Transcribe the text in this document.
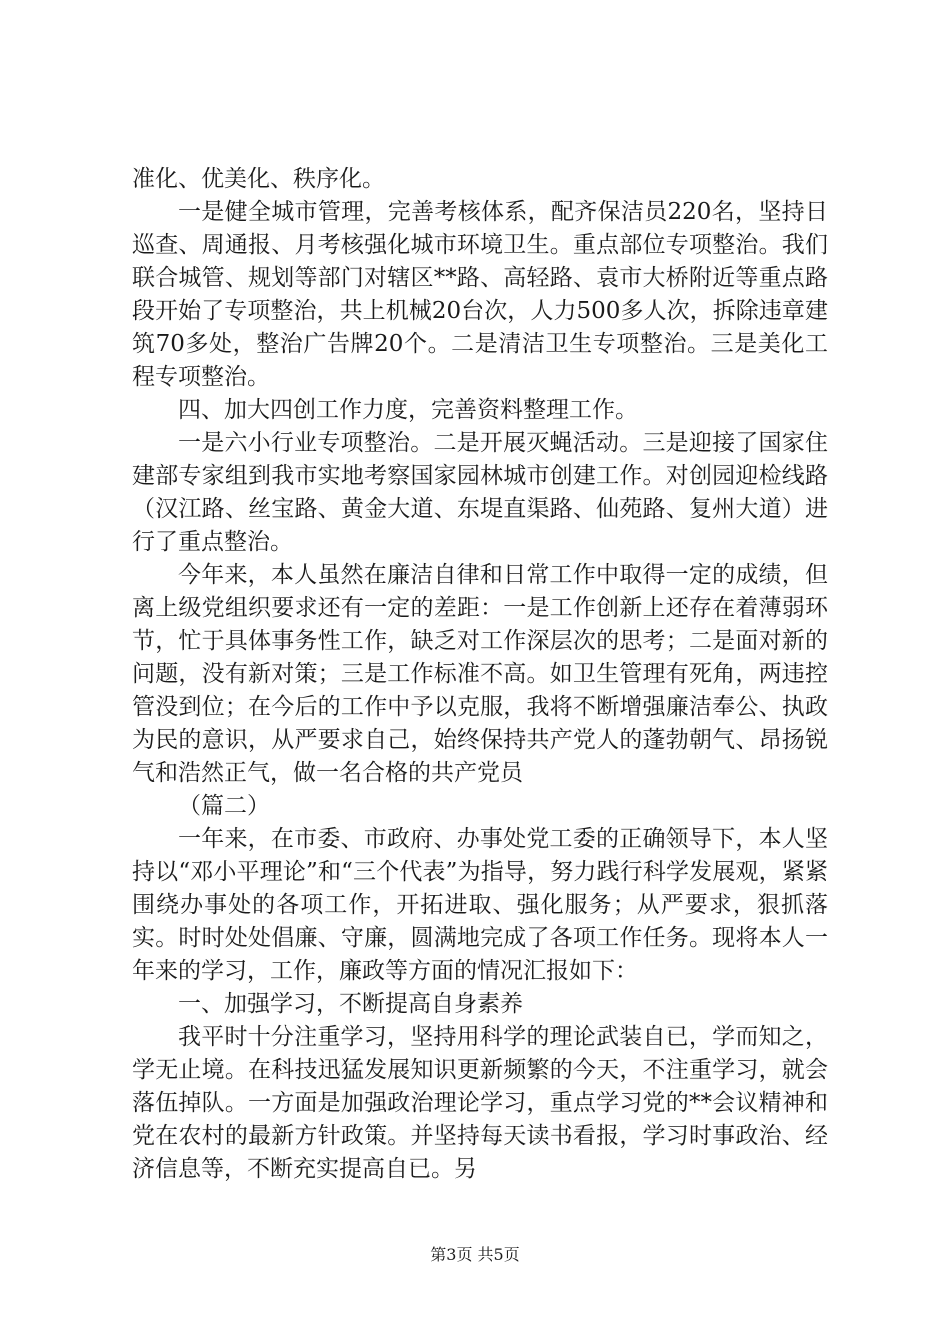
准化、优美化、秩序化。

一是健全城市管理，完善考核体系，配齐保洁员220名，坚持日巡查、周通报、月考核强化城市环境卫生。重点部位专项整治。我们联合城管、规划等部门对辖区**路、高轻路、袁市大桥附近等重点路段开始了专项整治，共上机械20台次，人力500多人次，拆除违章建筑70多处，整治广告牌20个。二是清洁卫生专项整治。三是美化工程专项整治。

四、加大四创工作力度，完善资料整理工作。

一是六小行业专项整治。二是开展灭蝇活动。三是迎接了国家住建部专家组到我市实地考察国家园林城市创建工作。对创园迎检线路（汉江路、丝宝路、黄金大道、东堤直渠路、仙苑路、复州大道）进行了重点整治。

今年来，本人虽然在廉洁自律和日常工作中取得一定的成绩，但离上级党组织要求还有一定的差距：一是工作创新上还存在着薄弱环节，忙于具体事务性工作，缺乏对工作深层次的思考；二是面对新的问题，没有新对策；三是工作标准不高。如卫生管理有死角，两违控管没到位；在今后的工作中予以克服，我将不断增强廉洁奉公、执政为民的意识，从严要求自己，始终保持共产党人的蓬勃朝气、昂扬锐气和浩然正气，做一名合格的共产党员

（篇二）

一年来，在市委、市政府、办事处党工委的正确领导下，本人坚持以“邓小平理论”和“三个代表”为指导，努力践行科学发展观，紧紧围绕办事处的各项工作，开拓进取、强化服务；从严要求，狠抓落实。时时处处倡廉、守廉，圆满地完成了各项工作任务。现将本人一年来的学习，工作，廉政等方面的情况汇报如下：

一、加强学习，不断提高自身素养

我平时十分注重学习，坚持用科学的理论武装自已，学而知之，学无止境。在科技迅猛发展知识更新频繁的今天，不注重学习，就会落伍掉队。一方面是加强政治理论学习，重点学习党的**会议精神和党在农村的最新方针政策。并坚持每天读书看报，学习时事政治、经济信息等，不断充实提高自已。另

第3页 共5页
